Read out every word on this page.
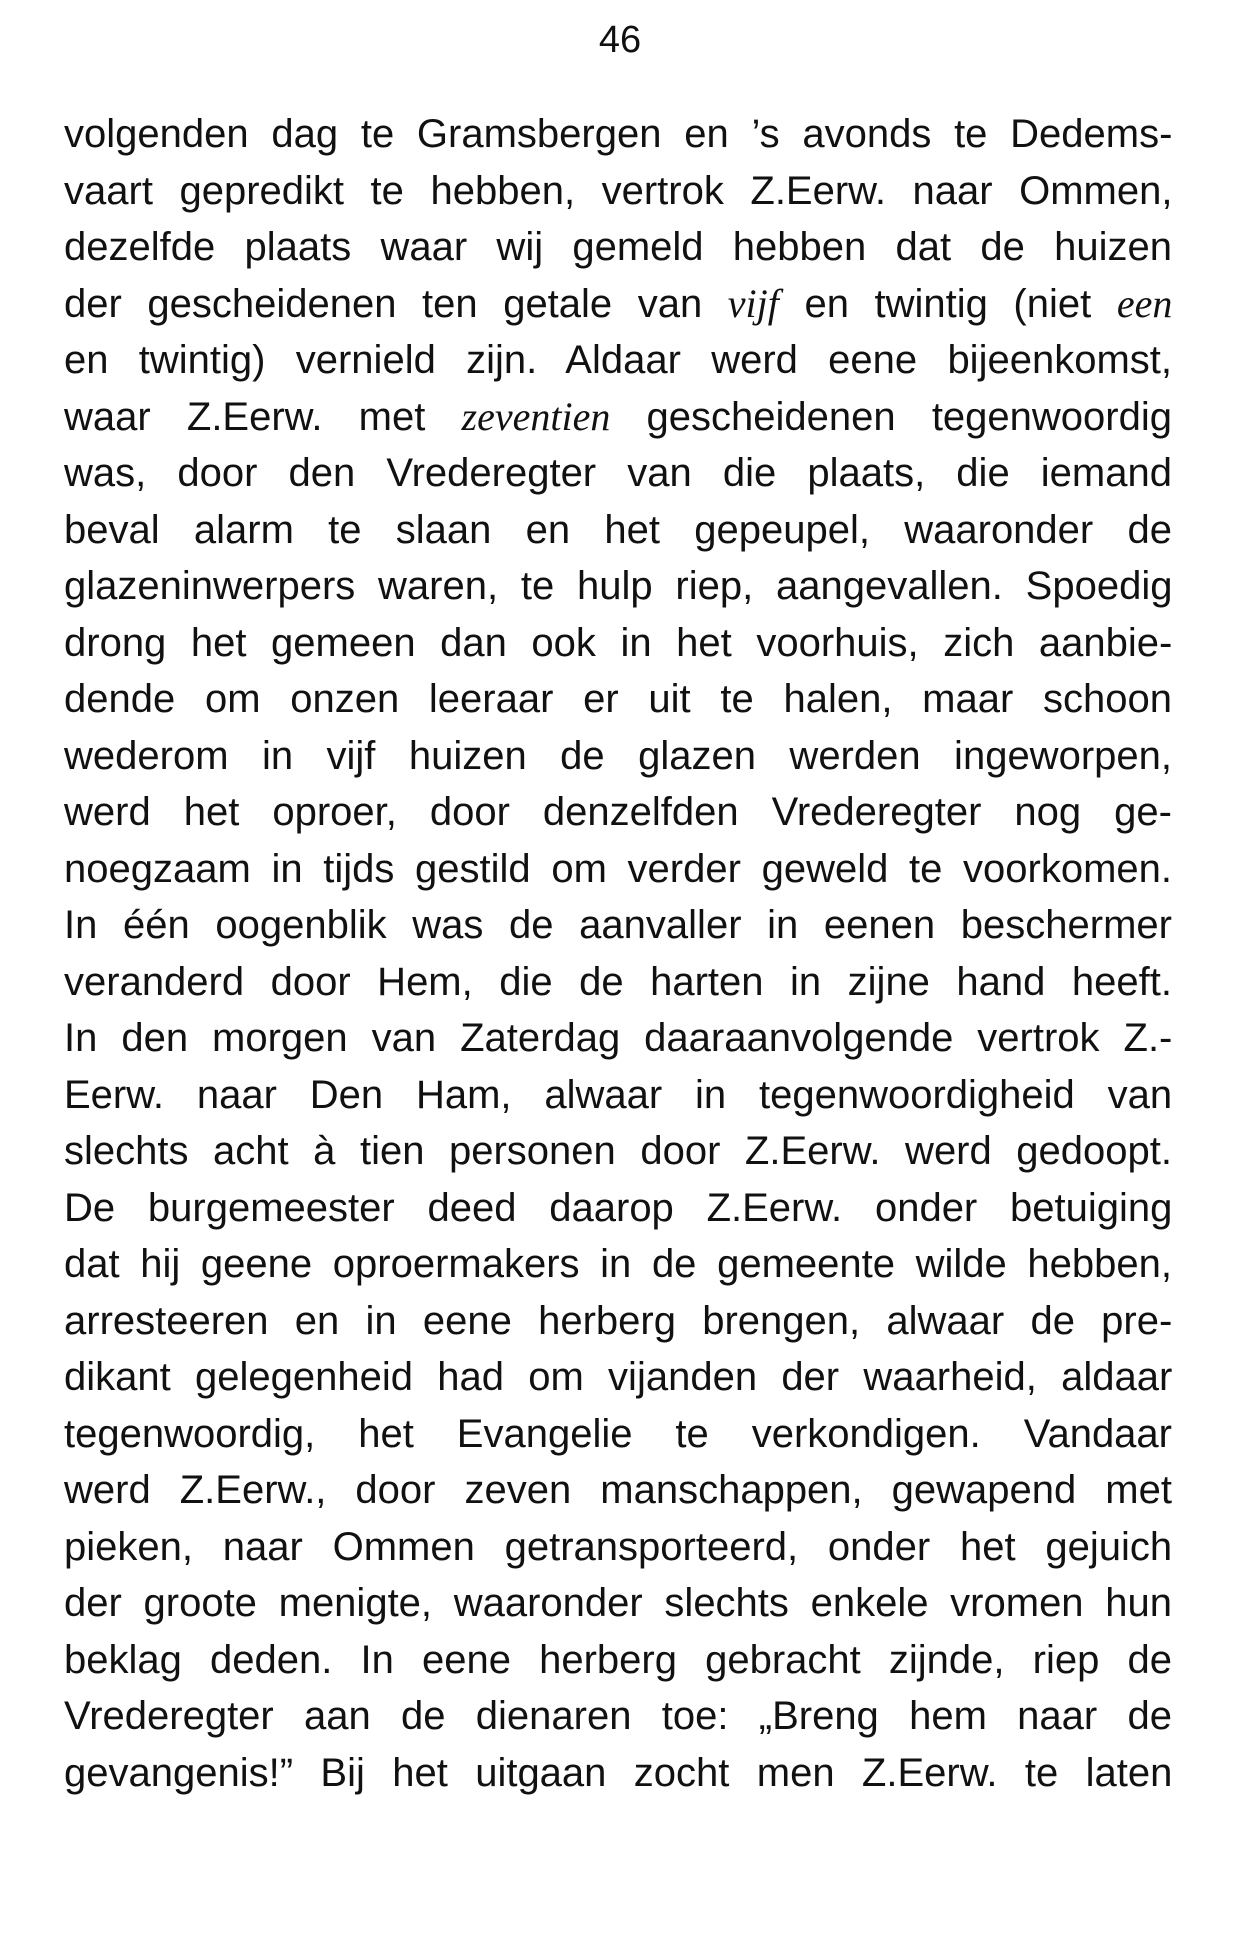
46
volgenden dag te Gramsbergen en ’s avonds te Dedems-
vaart gepredikt te hebben, vertrok Z.Eerw. naar Ommen,
dezelfde plaats waar wij gemeld hebben dat de huizen
der gescheidenen ten getale van vijf en twintig (niet een
en twintig) vernield zijn. Aldaar werd eene bijeenkomst,
waar Z.Eerw. met zeventien gescheidenen tegenwoordig
was, door den Vrederegter van die plaats, die iemand
beval alarm te slaan en het gepeupel, waaronder de
glazeninwerpers waren, te hulp riep, aangevallen. Spoedig
drong het gemeen dan ook in het voorhuis, zich aanbie-
dende om onzen leeraar er uit te halen, maar schoon
wederom in vijf huizen de glazen werden ingeworpen,
werd het oproer, door denzelfden Vrederegter nog ge-
noegzaam in tijds gestild om verder geweld te voorkomen.
In één oogenblik was de aanvaller in eenen beschermer
veranderd door Hem, die de harten in zijne hand heeft.
In den morgen van Zaterdag daaraanvolgende vertrok Z.-
Eerw. naar Den Ham, alwaar in tegenwoordigheid van
slechts acht à tien personen door Z.Eerw. werd gedoopt.
De burgemeester deed daarop Z.Eerw. onder betuiging
dat hij geene oproermakers in de gemeente wilde hebben,
arresteeren en in eene herberg brengen, alwaar de pre-
dikant gelegenheid had om vijanden der waarheid, aldaar
tegenwoordig, het Evangelie te verkondigen. Vandaar
werd Z.Eerw., door zeven manschappen, gewapend met
pieken, naar Ommen getransporteerd, onder het gejuich
der groote menigte, waaronder slechts enkele vromen hun
beklag deden. In eene herberg gebracht zijnde, riep de
Vrederegter aan de dienaren toe: „Breng hem naar de
gevangenis!” Bij het uitgaan zocht men Z.Eerw. te laten
